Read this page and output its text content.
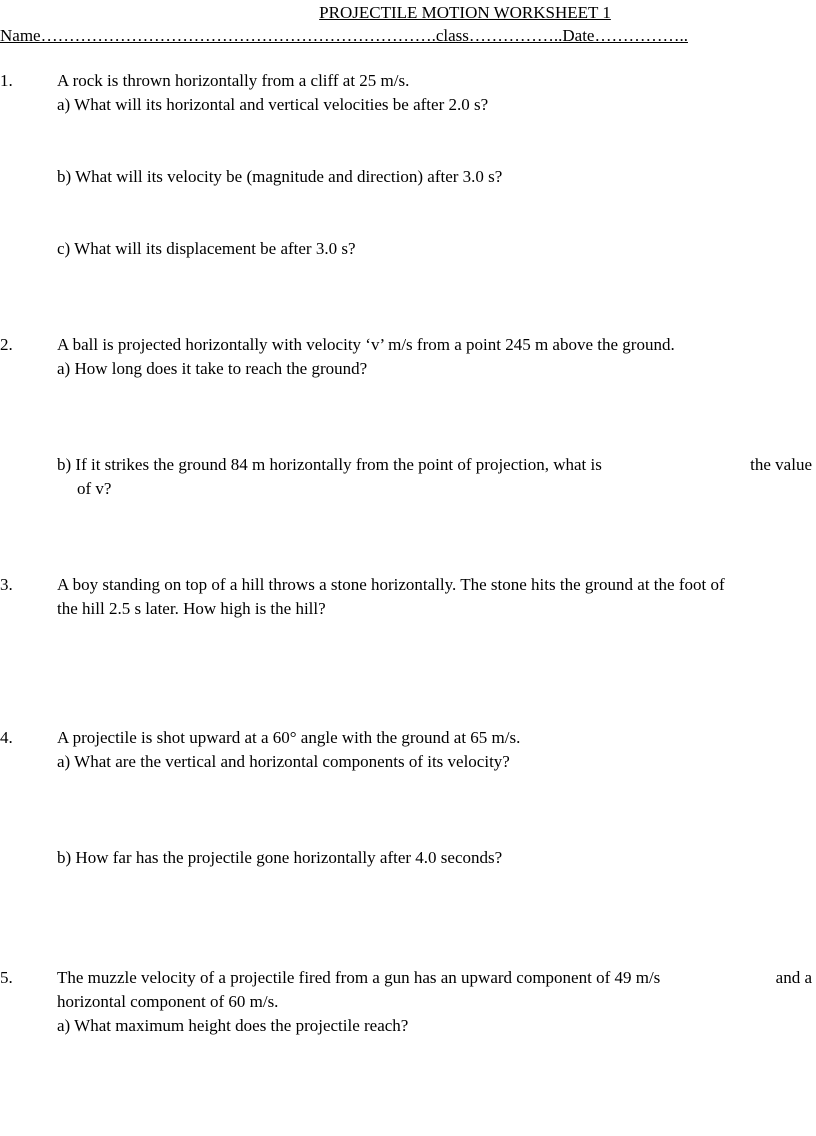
PROJECTILE MOTION WORKSHEET 1

Name…………………………………………………………….class……………..Date……………..

1.	A rock is thrown horizontally from a cliff at 25 m/s.

a) What will its horizontal and vertical velocities be after 2.0 s?

b) What will its velocity be (magnitude and direction) after 3.0 s?

c) What will its displacement be after 3.0 s?

2.	A ball is projected horizontally with velocity ‘v’ m/s from a point 245 m above the ground.

a) How long does it take to reach the ground?

b) If it strikes the ground 84 m horizontally from the point of projection, what is	the value

of v?

3.	A boy standing on top of a hill throws a stone horizontally. The stone hits the ground at the foot of

the hill 2.5 s later. How high is the hill?

4.	A projectile is shot upward at a 60° angle with the ground at 65 m/s.

a) What are the vertical and horizontal components of its velocity?

b) How far has the projectile gone horizontally after 4.0 seconds?

5.	The muzzle velocity of a projectile fired from a gun has an upward component of 49 m/s	and a

horizontal component of 60 m/s.

a) What maximum height does the projectile reach?
